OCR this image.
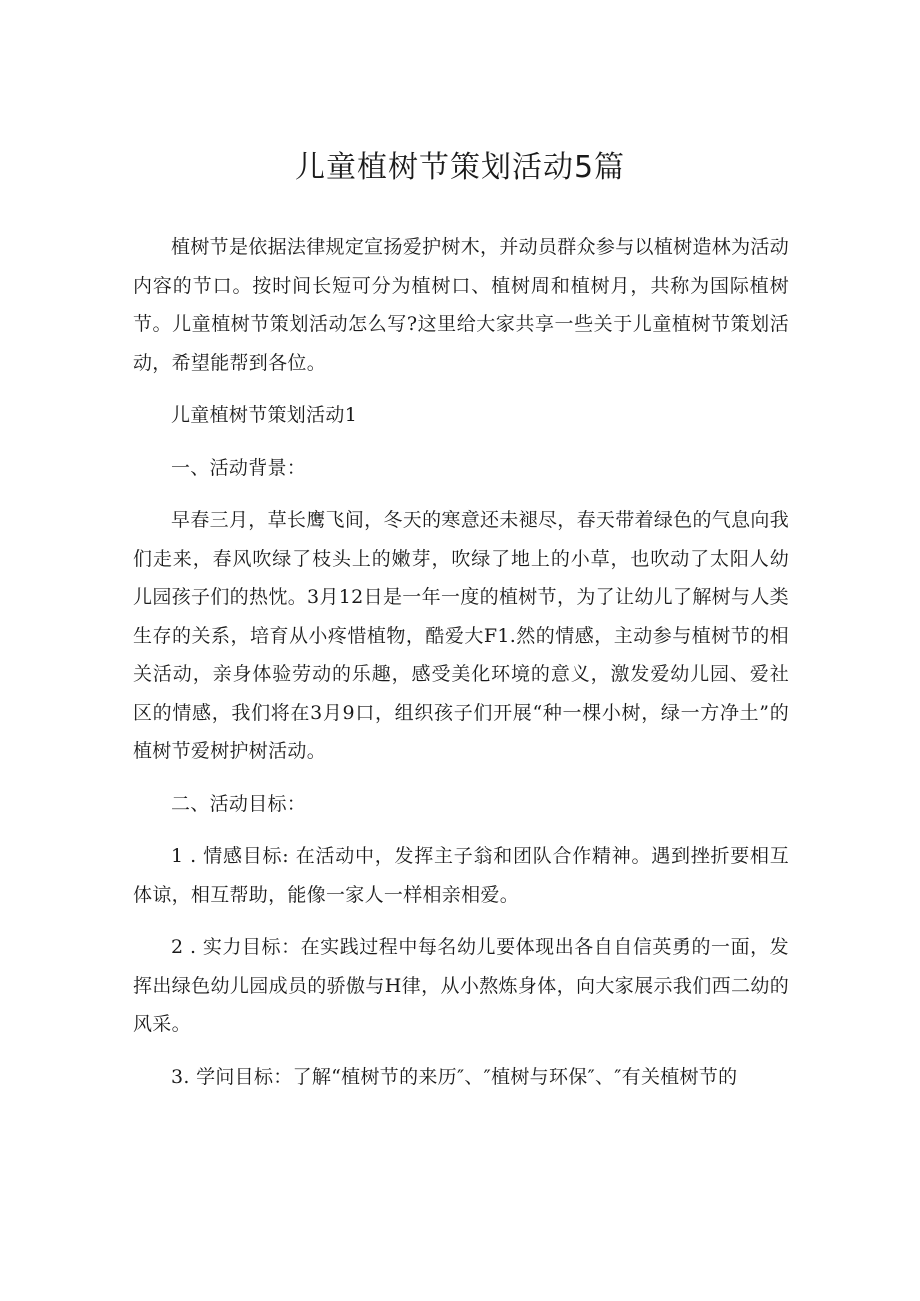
儿童植树节策划活动5篇

植树节是依据法律规定宣扬爱护树木，并动员群众参与以植树造林为活动内容的节口。按时间长短可分为植树口、植树周和植树月，共称为国际植树节。儿童植树节策划活动怎么写?这里给大家共享一些关于儿童植树节策划活动，希望能帮到各位。

儿童植树节策划活动1

一、活动背景：

早春三月，草长鹰飞间，冬天的寒意还未褪尽，春天带着绿色的气息向我们走来，春风吹绿了枝头上的嫩芽，吹绿了地上的小草，也吹动了太阳人幼儿园孩子们的热忱。3月12日是一年一度的植树节，为了让幼儿了解树与人类生存的关系，培育从小疼惜植物，酷爱大F1.然的情感，主动参与植树节的相关活动，亲身体验劳动的乐趣，感受美化环境的意义，激发爱幼儿园、爱社区的情感，我们将在3月9口，组织孩子们开展“种一棵小树，绿一方净土”的植树节爱树护树活动。

二、活动目标：

1 . 情感目标: 在活动中，发挥主子翁和团队合作精神。遇到挫折要相互体谅，相互帮助，能像一家人一样相亲相爱。

2 . 实力目标：在实践过程中每名幼儿要体现出各自自信英勇的一面，发挥出绿色幼儿园成员的骄傲与H律，从小熬炼身体，向大家展示我们西二幼的风采。

3. 学问目标：了解“植树节的来历″、″植树与环保″、″有关植树节的
